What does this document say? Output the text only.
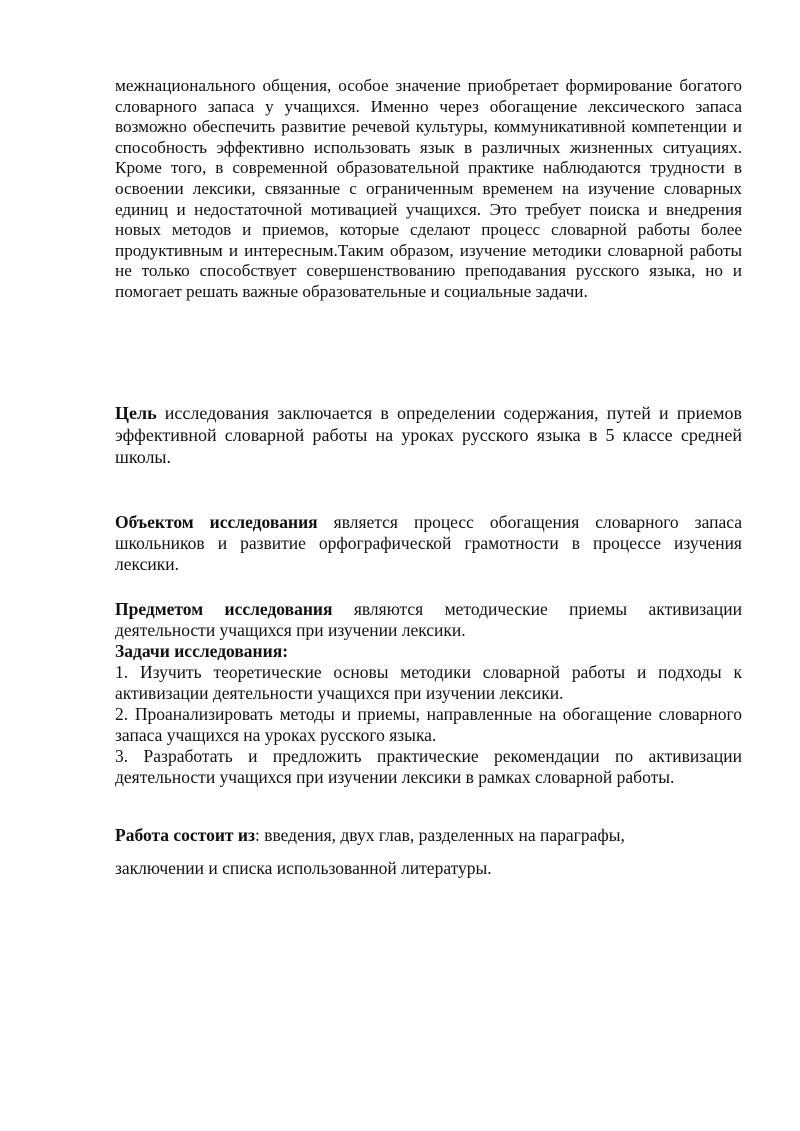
межнационального общения, особое значение приобретает формирование богатого словарного запаса у учащихся. Именно через обогащение лексического запаса возможно обеспечить развитие речевой культуры, коммуникативной компетенции и способность эффективно использовать язык в различных жизненных ситуациях. Кроме того, в современной образовательной практике наблюдаются трудности в освоении лексики, связанные с ограниченным временем на изучение словарных единиц и недостаточной мотивацией учащихся. Это требует поиска и внедрения новых методов и приемов, которые сделают процесс словарной работы более продуктивным и интересным.Таким образом, изучение методики словарной работы не только способствует совершенствованию преподавания русского языка, но и помогает решать важные образовательные и социальные задачи.

Цель исследования заключается в определении содержания, путей и приемов эффективной словарной работы на уроках русского языка в 5 классе средней школы.

Объектом исследования является процесс обогащения словарного запаса школьников и развитие орфографической грамотности в процессе изучения лексики.

Предметом исследования являются методические приемы активизации деятельности учащихся при изучении лексики.

Задачи исследования:

1. Изучить теоретические основы методики словарной работы и подходы к активизации деятельности учащихся при изучении лексики.

2. Проанализировать методы и приемы, направленные на обогащение словарного запаса учащихся на уроках русского языка.

3. Разработать и предложить практические рекомендации по активизации деятельности учащихся при изучении лексики в рамках словарной работы.

Работа состоит из: введения, двух глав, разделенных на параграфы,

заключении и списка использованной литературы.
